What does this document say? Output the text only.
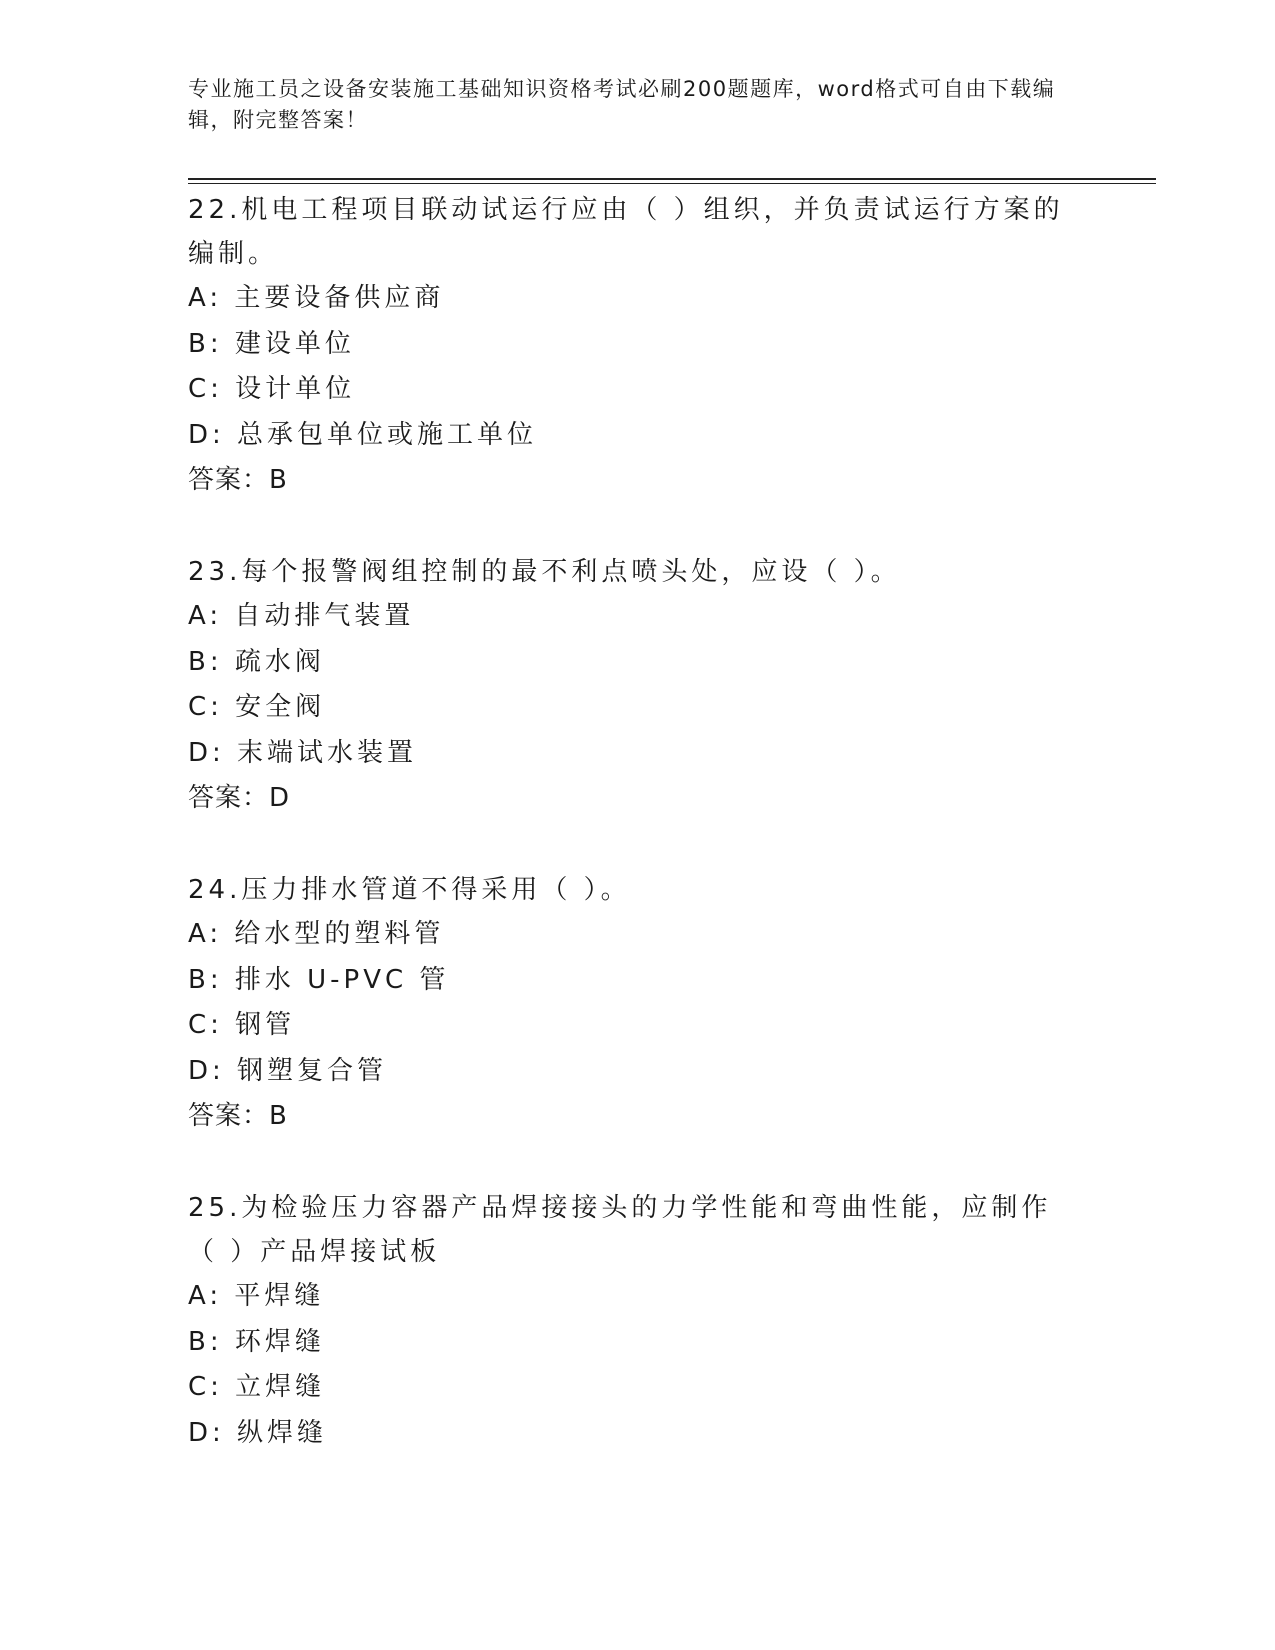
专业施工员之设备安装施工基础知识资格考试必刷200题题库，word格式可自由下载编辑，附完整答案！

22.机电工程项目联动试运行应由（ ）组织，并负责试运行方案的编制。

A: 主要设备供应商

B: 建设单位

C: 设计单位

D: 总承包单位或施工单位

答案：B

23.每个报警阀组控制的最不利点喷头处，应设（ ）。

A: 自动排气装置

B: 疏水阀

C: 安全阀

D: 末端试水装置

答案：D

24.压力排水管道不得采用（ ）。

A: 给水型的塑料管

B: 排水 U-PVC 管

C: 钢管

D: 钢塑复合管

答案：B

25.为检验压力容器产品焊接接头的力学性能和弯曲性能，应制作（ ）产品焊接试板

A: 平焊缝

B: 环焊缝

C: 立焊缝

D: 纵焊缝
